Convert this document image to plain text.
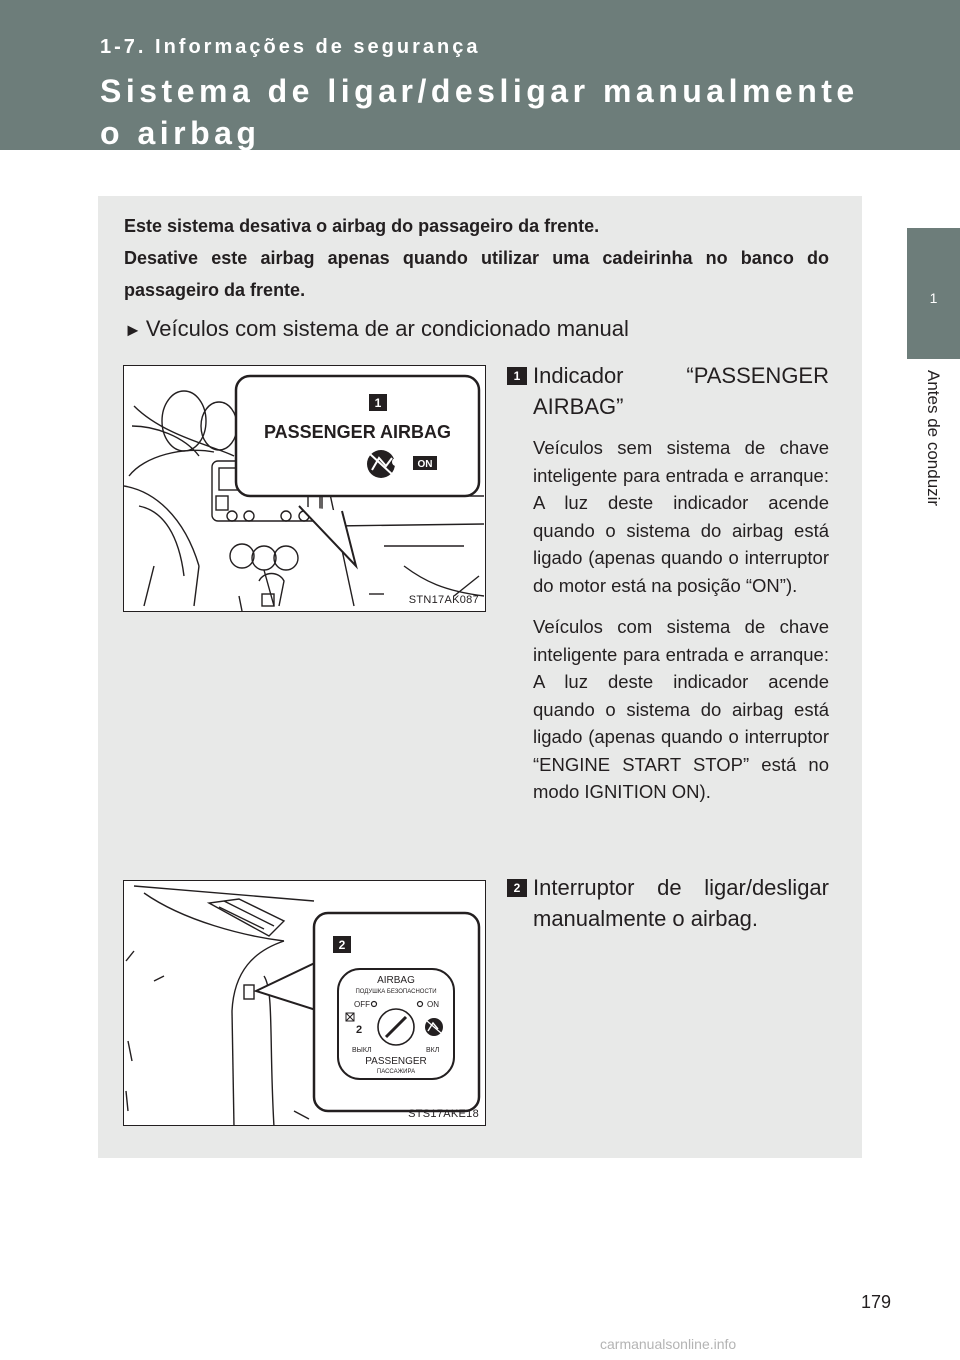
1-7. Informações de segurança
Sistema de ligar/desligar manualmente o airbag
1
Antes de conduzir

Este sistema desativa o airbag do passageiro da frente.

Desative este airbag apenas quando utilizar uma cadeirinha no banco do passageiro da frente.

► Veículos com sistema de ar condicionado manual
1
PASSENGER AIRBAG
ON
STN17AK087
2
AIRBAG
ПОДУШКА БЕЗОПАСНОСТИ
OFF	ON
2
ВЫКЛ	ВКЛ
PASSENGER
ПАССАЖИРА
STS17AKE18
1 Indicador “PASSENGER AIRBAG”
Veículos sem sistema de chave inteligente para entrada e arranque: A luz deste indicador acende quando o sistema do airbag está ligado (apenas quando o interruptor do motor está na posição “ON”).
Veículos com sistema de chave inteligente para entrada e arranque: A luz deste indicador acende quando o sistema do airbag está ligado (apenas quando o interruptor “ENGINE START STOP” está no modo IGNITION ON).
2 Interruptor de ligar/desligar manualmente o airbag.
179
carmanualsonline.info
